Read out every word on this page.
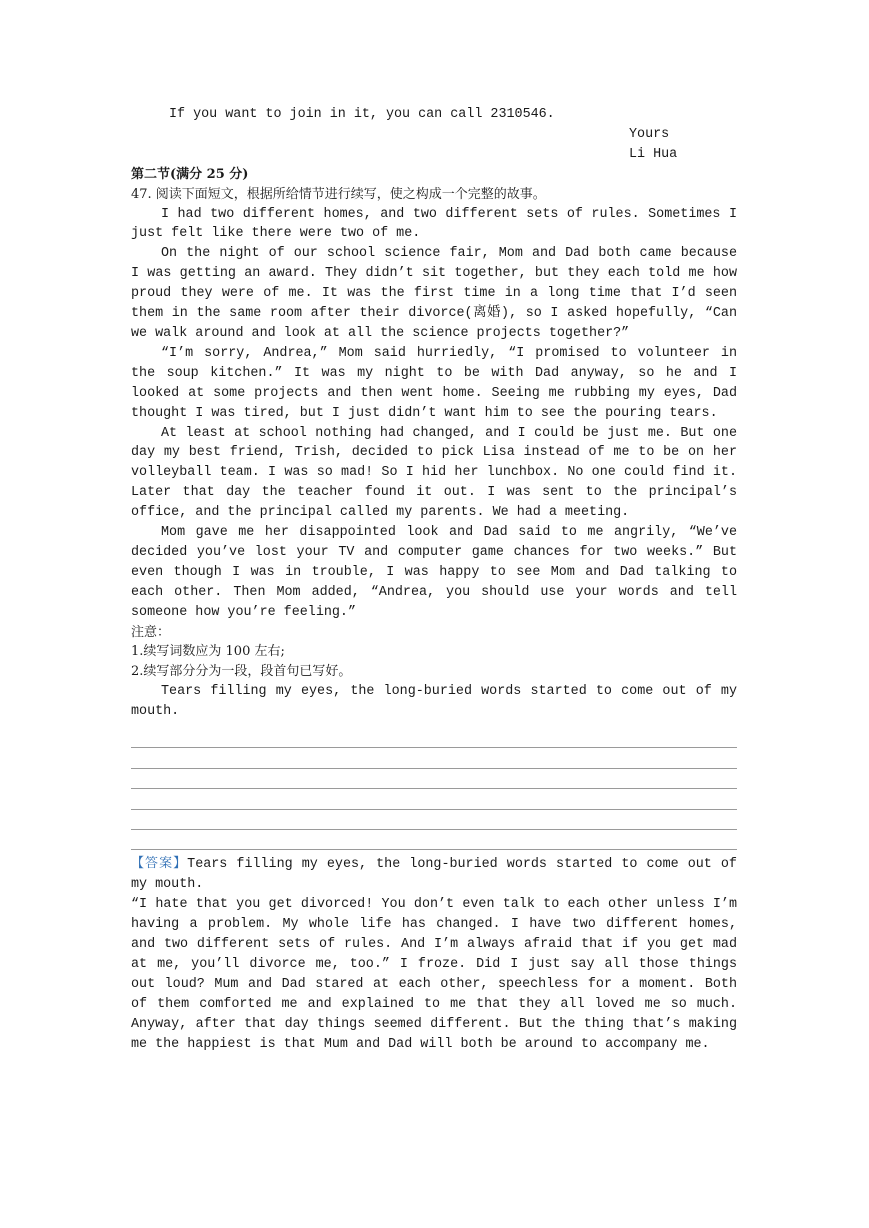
If you want to join in it, you can call 2310546.

Yours
Li Hua

第二节(满分 25 分)

47. 阅读下面短文，根据所给情节进行续写，使之构成一个完整的故事。

I had two different homes, and two different sets of rules. Sometimes I just felt like there were two of me.

On the night of our school science fair, Mom and Dad both came because I was getting an award. They didn’t sit together, but they each told me how proud they were of me. It was the first time in a long time that I’d seen them in the same room after their divorce(离婚), so I asked hopefully, “Can we walk around and look at all the science projects together?”

“I’m sorry, Andrea,” Mom said hurriedly, “I promised to volunteer in the soup kitchen.” It was my night to be with Dad anyway, so he and I looked at some projects and then went home. Seeing me rubbing my eyes, Dad thought I was tired, but I just didn’t want him to see the pouring tears.

At least at school nothing had changed, and I could be just me. But one day my best friend, Trish, decided to pick Lisa instead of me to be on her volleyball team. I was so mad! So I hid her lunchbox. No one could find it. Later that day the teacher found it out. I was sent to the principal’s office, and the principal called my parents. We had a meeting.

Mom gave me her disappointed look and Dad said to me angrily, “We’ve decided you’ve lost your TV and computer game chances for two weeks.” But even though I was in trouble, I was happy to see Mom and Dad talking to each other. Then Mom added, “Andrea, you should use your words and tell someone how you’re feeling.”

注意：

1.续写词数应为 100 左右;

2.续写部分分为一段，段首句已写好。

Tears filling my eyes, the long-buried words started to come out of my mouth.

【答案】Tears filling my eyes, the long-buried words started to come out of my mouth.

“I hate that you get divorced! You don’t even talk to each other unless I’m having a problem. My whole life has changed. I have two different homes, and two different sets of rules. And I’m always afraid that if you get mad at me, you’ll divorce me, too.” I froze. Did I just say all those things out loud? Mum and Dad stared at each other, speechless for a moment. Both of them comforted me and explained to me that they all loved me so much. Anyway, after that day things seemed different. But the thing that’s making me the happiest is that Mum and Dad will both be around to accompany me.
